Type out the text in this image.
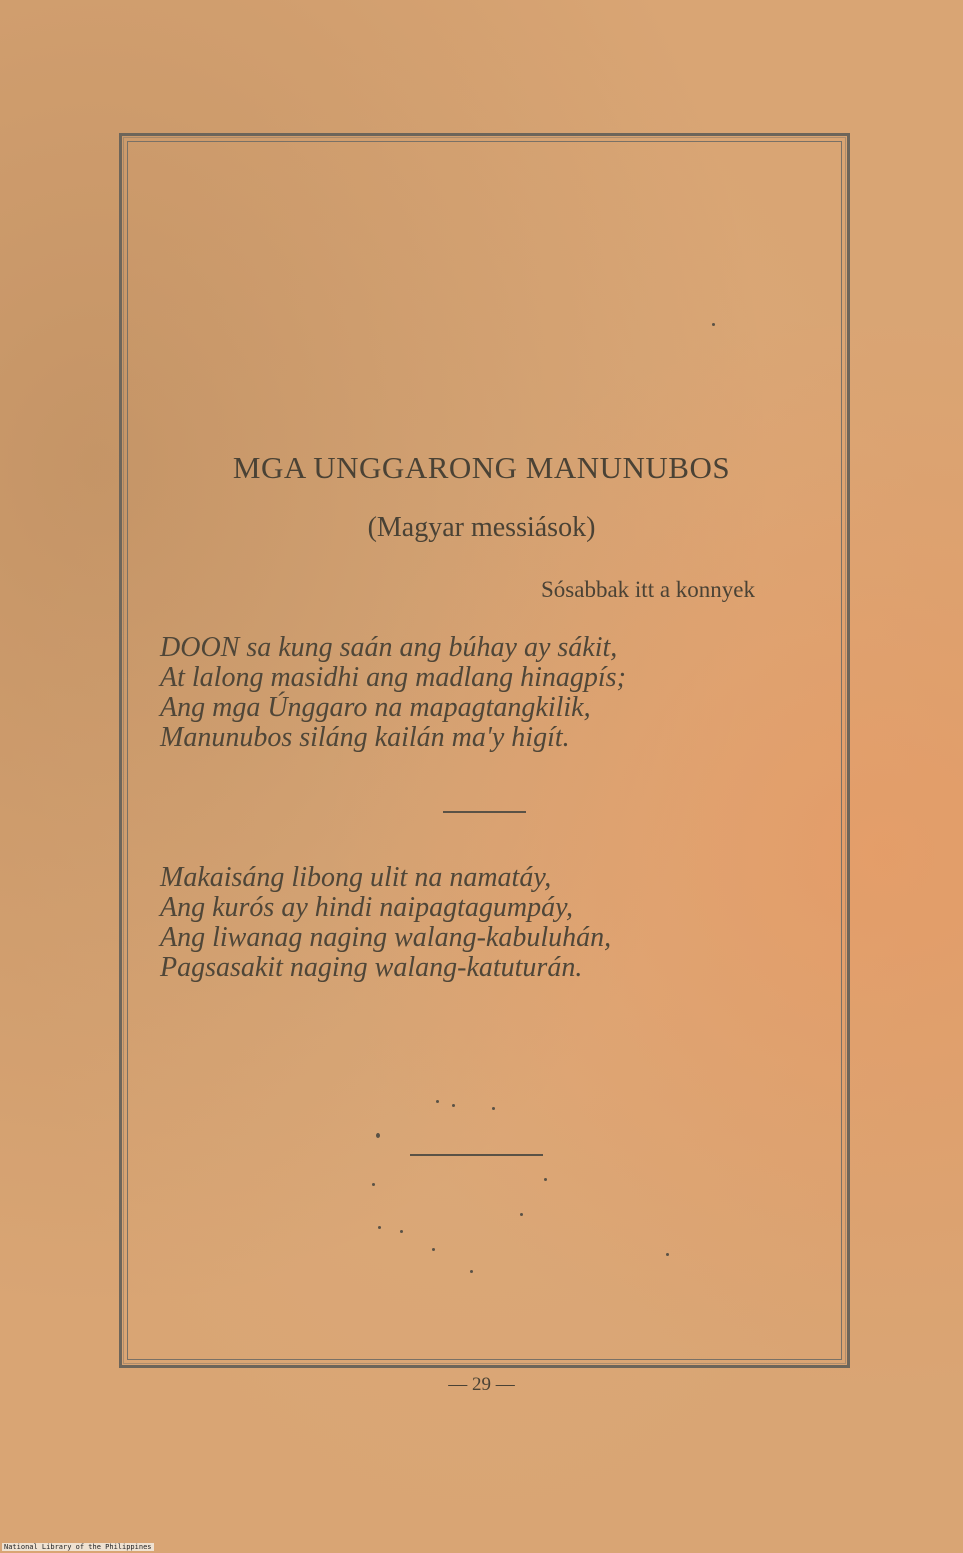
MGA UNGGARONG MANUNUBOS
(Magyar messiások)
Sósabbak itt a konnyek
DOON sa kung saán ang búhay ay sákit,
At lalong masidhi ang madlang hinagpís;
Ang mga Únggaro na mapagtangkilik,
Manunubos siláng kailán ma'y higít.
Makaisáng libong ulit na namatáy,
Ang kurós ay hindi naipagtagumpáy,
Ang liwanag naging walang-kabuluhán,
Pagsasakit naging walang-katuturán.
— 29 —
National Library of the Philippines
